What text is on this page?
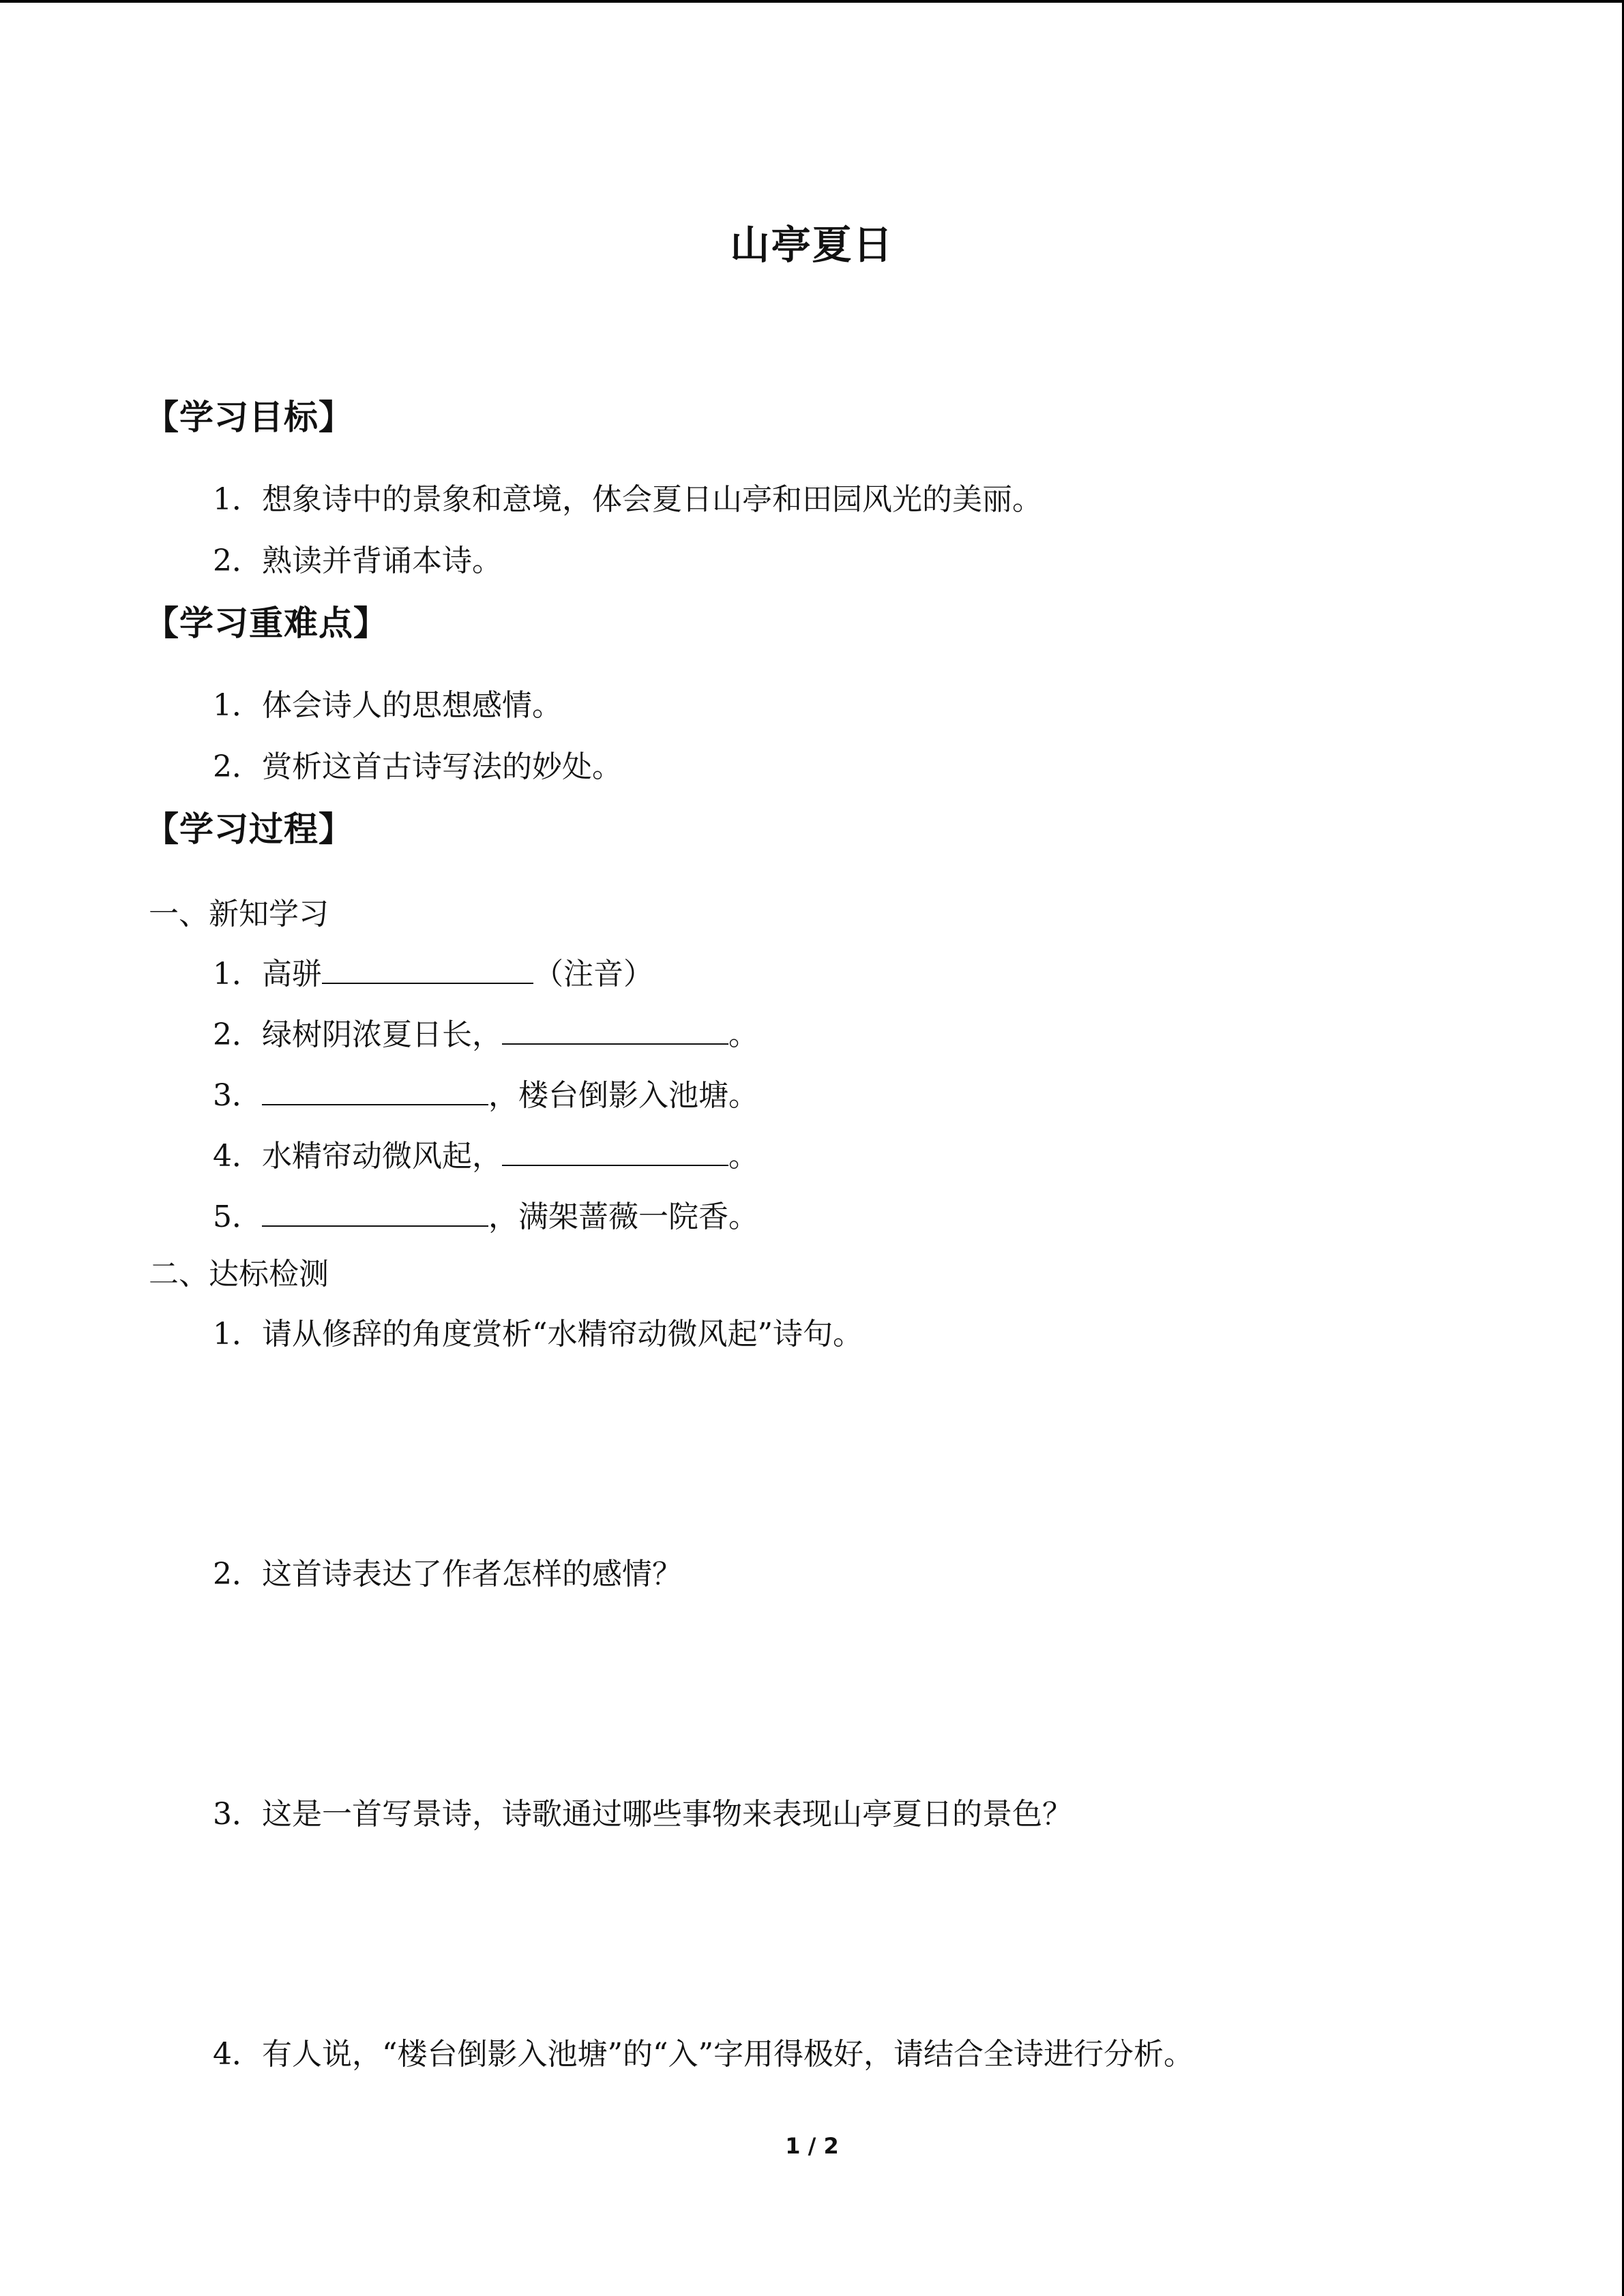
山亭夏日
【学习目标】
1．想象诗中的景象和意境，体会夏日山亭和田园风光的美丽。
2．熟读并背诵本诗。
【学习重难点】
1．体会诗人的思想感情。
2．赏析这首古诗写法的妙处。
【学习过程】
一、新知学习
1．高骈	（注音）
2．绿树阴浓夏日长，	。
3．	，楼台倒影入池塘。
4．水精帘动微风起，	。
5．	，满架蔷薇一院香。
二、达标检测
1．请从修辞的角度赏析“水精帘动微风起”诗句。
2．这首诗表达了作者怎样的感情？
3．这是一首写景诗，诗歌通过哪些事物来表现山亭夏日的景色？
4．有人说，“楼台倒影入池塘”的“入”字用得极好，请结合全诗进行分析。
1 / 2
